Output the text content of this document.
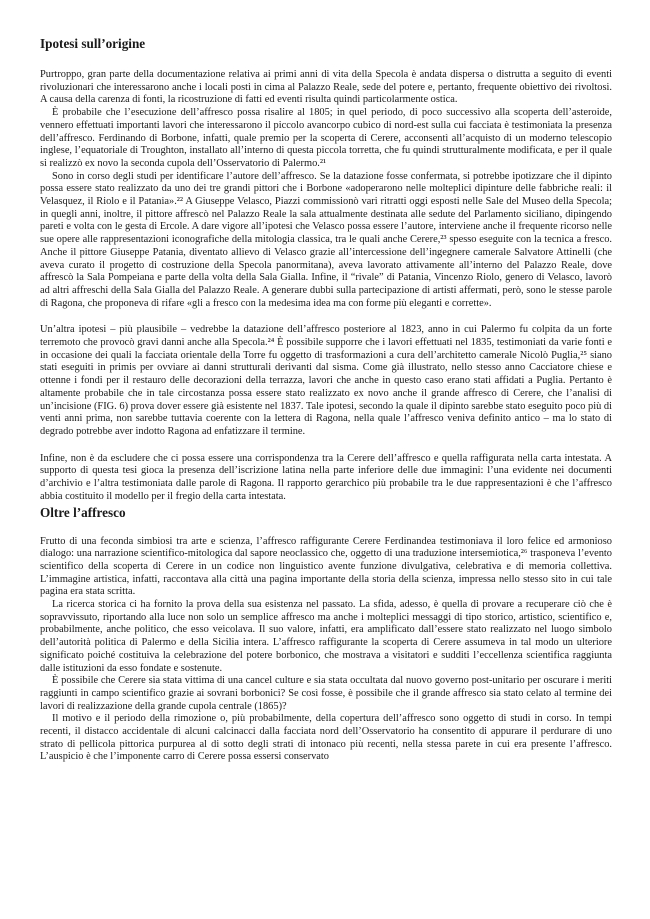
Ipotesi sull’origine

Purtroppo, gran parte della documentazione relativa ai primi anni di vita della Specola è andata dispersa o distrutta a seguito di eventi rivoluzionari che interessarono anche i locali posti in cima al Palazzo Reale, sede del potere e, pertanto, frequente obiettivo dei rivoltosi. A causa della carenza di fonti, la ricostruzione di fatti ed eventi risulta quindi particolarmente ostica.

È probabile che l’esecuzione dell’affresco possa risalire al 1805; in quel periodo, di poco successivo alla scoperta dell’asteroide, vennero effettuati importanti lavori che interessarono il piccolo avancorpo cubico di nord-est sulla cui facciata è testimoniata la presenza dell’affresco. Ferdinando di Borbone, infatti, quale premio per la scoperta di Cerere, acconsentì all’acquisto di un moderno telescopio inglese, l’equatoriale di Troughton, installato all’interno di questa piccola torretta, che fu quindi strutturalmente modificata, e per il quale si realizzò ex novo la seconda cupola dell’Osservatorio di Palermo.²¹

Sono in corso degli studi per identificare l’autore dell’affresco. Se la datazione fosse confermata, si potrebbe ipotizzare che il dipinto possa essere stato realizzato da uno dei tre grandi pittori che i Borbone «adoperarono nelle molteplici dipinture delle fabbriche reali: il Velasquez, il Riolo e il Patania».²² A Giuseppe Velasco, Piazzi commissionò vari ritratti oggi esposti nelle Sale del Museo della Specola; in quegli anni, inoltre, il pittore affrescò nel Palazzo Reale la sala attualmente destinata alle sedute del Parlamento siciliano, dipingendo pareti e volta con le gesta di Ercole. A dare vigore all’ipotesi che Velasco possa essere l’autore, interviene anche il frequente ricorso nelle sue opere alle rappresentazioni iconografiche della mitologia classica, tra le quali anche Cerere,²³ spesso eseguite con la tecnica a fresco. Anche il pittore Giuseppe Patania, diventato allievo di Velasco grazie all’intercessione dell’ingegnere camerale Salvatore Attinelli (che aveva curato il progetto di costruzione della Specola panormitana), aveva lavorato attivamente all’interno del Palazzo Reale, dove affrescò la Sala Pompeiana e parte della volta della Sala Gialla. Infine, il “rivale” di Patania, Vincenzo Riolo, genero di Velasco, lavorò ad altri affreschi della Sala Gialla del Palazzo Reale. A generare dubbi sulla partecipazione di artisti affermati, però, sono le stesse parole di Ragona, che proponeva di rifare «gli a fresco con la medesima idea ma con forme più eleganti e corrette».

Un’altra ipotesi – più plausibile – vedrebbe la datazione dell’affresco posteriore al 1823, anno in cui Palermo fu colpita da un forte terremoto che provocò gravi danni anche alla Specola.²⁴ È possibile supporre che i lavori effettuati nel 1835, testimoniati da varie fonti e in occasione dei quali la facciata orientale della Torre fu oggetto di trasformazioni a cura dell’architetto camerale Nicolò Puglia,²⁵ siano stati eseguiti in primis per ovviare ai danni strutturali derivanti dal sisma. Come già illustrato, nello stesso anno Cacciatore chiese e ottenne i fondi per il restauro delle decorazioni della terrazza, lavori che anche in questo caso erano stati affidati a Puglia. Pertanto è altamente probabile che in tale circostanza possa essere stato realizzato ex novo anche il grande affresco di Cerere, che l’analisi di un’incisione (FIG. 6) prova dover essere già esistente nel 1837. Tale ipotesi, secondo la quale il dipinto sarebbe stato eseguito poco più di venti anni prima, non sarebbe tuttavia coerente con la lettera di Ragona, nella quale l’affresco veniva definito antico – ma lo stato di degrado potrebbe aver indotto Ragona ad enfatizzare il termine.

Infine, non è da escludere che ci possa essere una corrispondenza tra la Cerere dell’affresco e quella raffigurata nella carta intestata. A supporto di questa tesi gioca la presenza dell’iscrizione latina nella parte inferiore delle due immagini: l’una evidente nei documenti d’archivio e l’altra testimoniata dalle parole di Ragona. Il rapporto gerarchico più probabile tra le due rappresentazioni è che l’affresco abbia costituito il modello per il fregio della carta intestata.

Oltre l’affresco

Frutto di una feconda simbiosi tra arte e scienza, l’affresco raffigurante Cerere Ferdinandea testimoniava il loro felice ed armonioso dialogo: una narrazione scientifico-mitologica dal sapore neoclassico che, oggetto di una traduzione intersemiotica,²⁶ trasponeva l’evento scientifico della scoperta di Cerere in un codice non linguistico avente funzione divulgativa, celebrativa e di memoria collettiva. L’immagine artistica, infatti, raccontava alla città una pagina importante della storia della scienza, impressa nello stesso sito in cui tale pagina era stata scritta.

La ricerca storica ci ha fornito la prova della sua esistenza nel passato. La sfida, adesso, è quella di provare a recuperare ciò che è sopravvissuto, riportando alla luce non solo un semplice affresco ma anche i molteplici messaggi di tipo storico, artistico, scientifico e, probabilmente, anche politico, che esso veicolava. Il suo valore, infatti, era amplificato dall’essere stato realizzato nel luogo simbolo dell’autorità politica di Palermo e della Sicilia intera. L’affresco raffigurante la scoperta di Cerere assumeva in tal modo un ulteriore significato poiché costituiva la celebrazione del potere borbonico, che mostrava a visitatori e sudditi l’eccellenza scientifica raggiunta dalle istituzioni da esso fondate e sostenute.

È possibile che Cerere sia stata vittima di una cancel culture e sia stata occultata dal nuovo governo post-unitario per oscurare i meriti raggiunti in campo scientifico grazie ai sovrani borbonici? Se così fosse, è possibile che il grande affresco sia stato celato al termine dei lavori di realizzazione della grande cupola centrale (1865)?

Il motivo e il periodo della rimozione o, più probabilmente, della copertura dell’affresco sono oggetto di studi in corso. In tempi recenti, il distacco accidentale di alcuni calcinacci dalla facciata nord dell’Osservatorio ha consentito di appurare il perdurare di uno strato di pellicola pittorica purpurea al di sotto degli strati di intonaco più recenti, nella stessa parete in cui era presente l’affresco. L’auspicio è che l’imponente carro di Cerere possa essersi conservato
